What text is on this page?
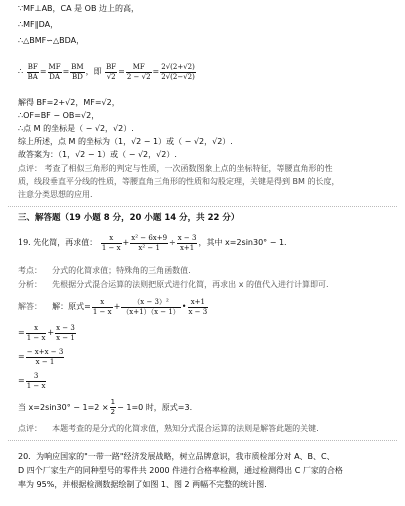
∵MF⊥AB，CA 是 OB 边上的高，
∴MF∥DA，
∴△BMF∽△BDA，
∴ $\frac{BF}{BA} = \frac{MF}{DA} = \frac{BM}{BD}$ ，即 $\frac{BF}{√2} = \frac{MF}{2 - √2} = \frac{2√(2+√2)}{2√(2-√2)}$
解得 BF=2+√2，MF=√2，
∴OF=BF − OB=√2，
∴点 M 的坐标是（ − √2，√2）.
综上所述，点 M 的坐标为（1，√2 − 1）或（ − √2，√2）.
故答案为：（1，√2 − 1）或（ − √2，√2）.
点评： 考查了相似三角形的判定与性质，一次函数图象上点的坐标特征，等腰直角形的性
质，线段垂直平分线的性质，等腰直角三角形的性质和勾股定理，关键是得到 BM 的长度，
注意分类思想的应用.
三、解答题（19 小题 8 分，20 小题 14 分，共 22 分）
19. 先化简，再求值： $\frac{x}{1 - x} + \frac{\text{x² − 6x+9}}{\text{x² − 1}} \div \frac{x - 3}{x+1}$ ，其中 x=2sin30° − 1.
考点： 分式的化简求值；特殊角的三角函数值.
分析： 先根据分式混合运算的法则把原式进行化简，再求出 x 的值代入进行计算即可.
解答： 解：原式= $\frac{x}{1 - x} + \frac{\text{（x − 3）²}}{(x+1)(x - 1)}$ • $\frac{x+1}{x - 3}$
= $\frac{x}{1 - x} + \frac{x - 3}{x - 1}$
= $\frac{- x+x - 3}{x - 1}$
= $\frac{3}{1 - x}$
当 $x=2\sin 30^\circ - 1=2 \times \frac{1}{2} - 1=0$ 时，原式=3.
点评： 本题考查的是分式的化简求值，熟知分式混合运算的法则是解答此题的关键.
20．为响应国家的"一带一路"经济发展战略，树立品牌意识，我市质检部分对 A、B、C、
D 四个厂家生产的同种型号的零件共 2000 件进行合格率检测，通过检测得出 C 厂家的合格
率为 95%，并根据检测数据绘制了如图 1、图 2 两幅不完整的统计图.
